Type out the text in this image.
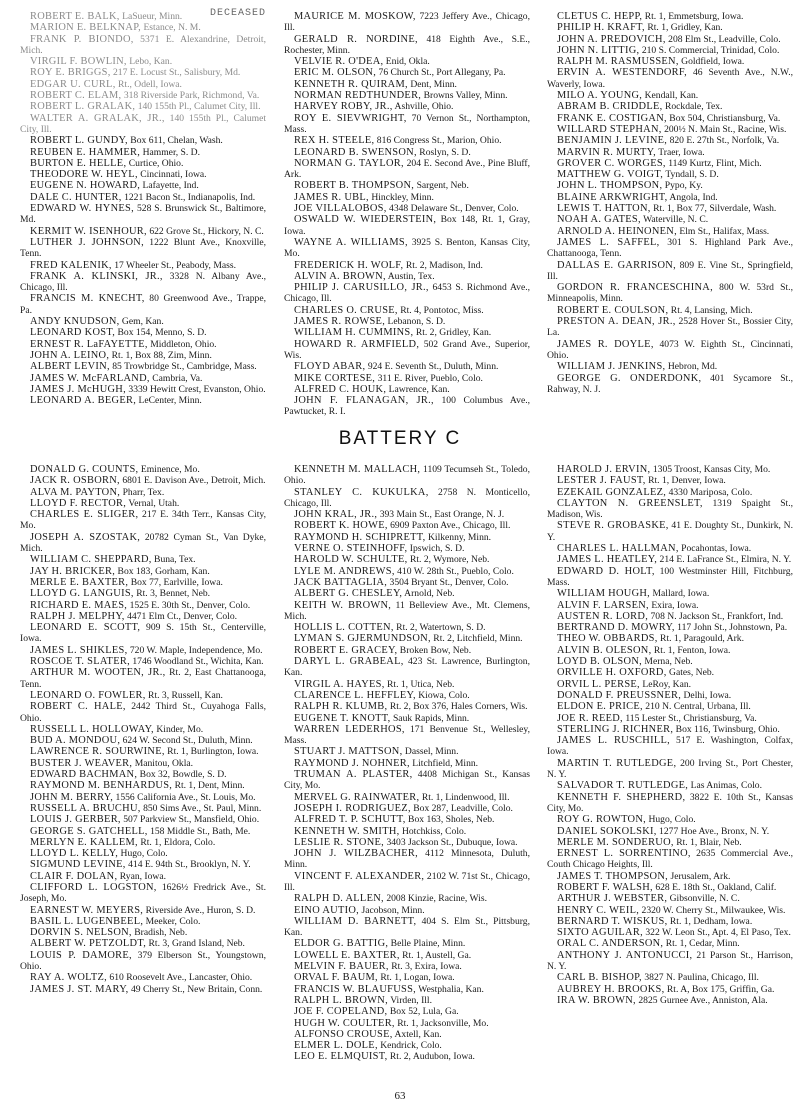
DECEASED

ROBERT E. BALK, LaSueur, Minn.

MARION E. BELKNAP, Estance, N. M.

FRANK P. BIONDO, 5371 E. Alexandrine, Detroit, Mich.

VIRGIL F. BOWLIN, Lebo, Kan.

ROY E. BRIGGS, 217 E. Locust St., Salisbury, Md.

EDGAR U. CURL, Rt., Odell, Iowa.

ROBERT C. ELAM, 318 Riverside Park, Richmond, Va.

ROBERT L. GRALAK, 140 155th Pl., Calumet City, Ill.

WALTER A. GRALAK, JR., 140 155th Pl., Calumet City, Ill.

ROBERT L. GUNDY, Box 611, Chelan, Wash.

REUBEN E. HAMMER, Hammer, S. D.

BURTON E. HELLE, Curtice, Ohio.

THEODORE W. HEYL, Cincinnati, Iowa.

EUGENE N. HOWARD, Lafayette, Ind.

DALE C. HUNTER, 1221 Bacon St., Indianapolis, Ind.

EDWARD W. HYNES, 528 S. Brunswick St., Baltimore, Md.

KERMIT W. ISENHOUR, 622 Grove St., Hickory, N. C.

LUTHER J. JOHNSON, 1222 Blunt Ave., Knoxville, Tenn.

FRED KALENIK, 17 Wheeler St., Peabody, Mass.

FRANK A. KLINSKI, JR., 3328 N. Albany Ave., Chicago, Ill.

FRANCIS M. KNECHT, 80 Greenwood Ave., Trappe, Pa.

ANDY KNUDSON, Gem, Kan.

LEONARD KOST, Box 154, Menno, S. D.

ERNEST R. LaFAYETTE, Middleton, Ohio.

JOHN A. LEINO, Rt. 1, Box 88, Zim, Minn.

ALBERT LEVIN, 85 Trowbridge St., Cambridge, Mass.

JAMES W. McFARLAND, Cambria, Va.

JAMES J. McHUGH, 3339 Hewitt Crest, Evanston, Ohio.

LEONARD A. BEGER, LeCenter, Minn.

MAURICE M. MOSKOW, 7223 Jeffery Ave., Chicago, Ill.

GERALD R. NORDINE, 418 Eighth Ave., S.E., Rochester, Minn.

VELVIE R. O'DEA, Enid, Okla.

ERIC M. OLSON, 76 Church St., Port Allegany, Pa.

KENNETH R. QUIRAM, Dent, Minn.

NORMAN REDTHUNDER, Browns Valley, Minn.

HARVEY ROBY, JR., Ashville, Ohio.

ROY E. SIEVWRIGHT, 70 Vernon St., Northampton, Mass.

REX H. STEELE, 816 Congress St., Marion, Ohio.

LEONARD B. SWENSON, Roslyn, S. D.

NORMAN G. TAYLOR, 204 E. Second Ave., Pine Bluff, Ark.

ROBERT B. THOMPSON, Sargent, Neb.

JAMES R. UBL, Hinckley, Minn.

JOE VILLALOBOS, 4348 Delaware St., Denver, Colo.

OSWALD W. WIEDERSTEIN, Box 148, Rt. 1, Gray, Iowa.

WAYNE A. WILLIAMS, 3925 S. Benton, Kansas City, Mo.

FREDERICK H. WOLF, Rt. 2, Madison, Ind.

ALVIN A. BROWN, Austin, Tex.

PHILIP J. CARUSILLO, JR., 6453 S. Richmond Ave., Chicago, Ill.

CHARLES O. CRUSE, Rt. 4, Pontotoc, Miss.

JAMES R. ROWSE, Lebanon, S. D.

WILLIAM H. CUMMINS, Rt. 2, Gridley, Kan.

HOWARD R. ARMFIELD, 502 Grand Ave., Superior, Wis.

FLOYD ABAR, 924 E. Seventh St., Duluth, Minn.

MIKE CORTESE, 311 E. River, Pueblo, Colo.

ALFRED C. HOUK, Lawrence, Kan.

JOHN F. FLANAGAN, JR., 100 Columbus Ave., Pawtucket, R. I.

CLETUS C. HEPP, Rt. 1, Emmetsburg, Iowa.

PHILIP H. KRAFT, Rt. 1, Gridley, Kan.

JOHN A. PREDOVICH, 208 Elm St., Leadville, Colo.

JOHN N. LITTIG, 210 S. Commercial, Trinidad, Colo.

RALPH M. RASMUSSEN, Goldfield, Iowa.

ERVIN A. WESTENDORF, 46 Seventh Ave., N.W., Waverly, Iowa.

MILO A. YOUNG, Kendall, Kan.

ABRAM B. CRIDDLE, Rockdale, Tex.

FRANK E. COSTIGAN, Box 504, Christiansburg, Va.

WILLARD STEPHAN, 200½ N. Main St., Racine, Wis.

BENJAMIN J. LEVINE, 820 E. 27th St., Norfolk, Va.

MARVIN R. MURTY, Traer, Iowa.

GROVER C. WORGES, 1149 Kurtz, Flint, Mich.

MATTHEW G. VOIGT, Tyndall, S. D.

JOHN L. THOMPSON, Pypo, Ky.

BLAINE ARKWRIGHT, Angola, Ind.

LEWIS T. HATTON, Rt. 1, Box 77, Silverdale, Wash.

NOAH A. GATES, Waterville, N. C.

ARNOLD A. HEINONEN, Elm St., Halifax, Mass.

JAMES L. SAFFEL, 301 S. Highland Park Ave., Chattanooga, Tenn.

DALLAS E. GARRISON, 809 E. Vine St., Springfield, Ill.

GORDON R. FRANCESCHINA, 800 W. 53rd St., Minneapolis, Minn.

ROBERT E. COULSON, Rt. 4, Lansing, Mich.

PRESTON A. DEAN, JR., 2528 Hover St., Bossier City, La.

JAMES R. DOYLE, 4073 W. Eighth St., Cincinnati, Ohio.

WILLIAM J. JENKINS, Hebron, Md.

GEORGE G. ONDERDONK, 401 Sycamore St., Rahway, N. J.

BATTERY C

DONALD G. COUNTS, Eminence, Mo.

JACK R. OSBORN, 6801 E. Davison Ave., Detroit, Mich.

ALVA M. PAYTON, Pharr, Tex.

LLOYD F. RECTOR, Vernal, Utah.

CHARLES E. SLIGER, 217 E. 34th Terr., Kansas City, Mo.

JOSEPH A. SZOSTAK, 20782 Cyman St., Van Dyke, Mich.

WILLIAM C. SHEPPARD, Buna, Tex.

JAY H. BRICKER, Box 183, Gorham, Kan.

MERLE E. BAXTER, Box 77, Earlville, Iowa.

LLOYD G. LANGUIS, Rt. 3, Bennet, Neb.

RICHARD E. MAES, 1525 E. 30th St., Denver, Colo.

RALPH J. MELPHY, 4471 Elm Ct., Denver, Colo.

LEONARD E. SCOTT, 909 S. 15th St., Centerville, Iowa.

JAMES L. SHIKLES, 720 W. Maple, Independence, Mo.

ROSCOE T. SLATER, 1746 Woodland St., Wichita, Kan.

ARTHUR M. WOOTEN, JR., Rt. 2, East Chattanooga, Tenn.

LEONARD O. FOWLER, Rt. 3, Russell, Kan.

ROBERT C. HALE, 2442 Third St., Cuyahoga Falls, Ohio.

RUSSELL L. HOLLOWAY, Kinder, Mo.

BUD A. MONDOU, 624 W. Second St., Duluth, Minn.

LAWRENCE R. SOURWINE, Rt. 1, Burlington, Iowa.

BUSTER J. WEAVER, Manitou, Okla.

EDWARD BACHMAN, Box 32, Bowdle, S. D.

RAYMOND M. BENHARDUS, Rt. 1, Dent, Minn.

JOHN M. BERRY, 1556 California Ave., St. Louis, Mo.

RUSSELL A. BRUCHU, 850 Sims Ave., St. Paul, Minn.

LOUIS J. GERBER, 507 Parkview St., Mansfield, Ohio.

GEORGE S. GATCHELL, 158 Middle St., Bath, Me.

MERLYN E. KALLEM, Rt. 1, Eldora, Colo.

LLOYD L. KELLY, Hugo, Colo.

SIGMUND LEVINE, 414 E. 94th St., Brooklyn, N. Y.

CLAIR F. DOLAN, Ryan, Iowa.

CLIFFORD L. LOGSTON, 1626½ Fredrick Ave., St. Joseph, Mo.

EARNEST W. MEYERS, Riverside Ave., Huron, S. D.

BASIL L. LUGENBEEL, Meeker, Colo.

DORVIN S. NELSON, Bradish, Neb.

ALBERT W. PETZOLDT, Rt. 3, Grand Island, Neb.

LOUIS P. DAMORE, 379 Elberson St., Youngstown, Ohio.

RAY A. WOLTZ, 610 Roosevelt Ave., Lancaster, Ohio.

JAMES J. ST. MARY, 49 Cherry St., New Britain, Conn.

KENNETH M. MALLACH, 1109 Tecumseh St., Toledo, Ohio.

STANLEY C. KUKULKA, 2758 N. Monticello, Chicago, Ill.

JOHN KRAL, JR., 393 Main St., East Orange, N. J.

ROBERT K. HOWE, 6909 Paxton Ave., Chicago, Ill.

RAYMOND H. SCHIPRETT, Kilkenny, Minn.

VERNE O. STEINHOFF, Ipswich, S. D.

HAROLD W. SCHULTE, Rt. 2, Wymore, Neb.

LYLE M. ANDREWS, 410 W. 28th St., Pueblo, Colo.

JACK BATTAGLIA, 3504 Bryant St., Denver, Colo.

ALBERT G. CHESLEY, Arnold, Neb.

KEITH W. BROWN, 11 Belleview Ave., Mt. Clemens, Mich.

HOLLIS L. COTTEN, Rt. 2, Watertown, S. D.

LYMAN S. GJERMUNDSON, Rt. 2, Litchfield, Minn.

ROBERT E. GRACEY, Broken Bow, Neb.

DARYL L. GRABEAL, 423 St. Lawrence, Burlington, Kan.

VIRGIL A. HAYES, Rt. 1, Utica, Neb.

CLARENCE L. HEFFLEY, Kiowa, Colo.

RALPH R. KLUMB, Rt. 2, Box 376, Hales Corners, Wis.

EUGENE T. KNOTT, Sauk Rapids, Minn.

WARREN LEDERHOS, 171 Benvenue St., Wellesley, Mass.

STUART J. MATTSON, Dassel, Minn.

RAYMOND J. NOHNER, Litchfield, Minn.

TRUMAN A. PLASTER, 4408 Michigan St., Kansas City, Mo.

MERVEL G. RAINWATER, Rt. 1, Lindenwood, Ill.

JOSEPH I. RODRIGUEZ, Box 287, Leadville, Colo.

ALFRED T. P. SCHUTT, Box 163, Sholes, Neb.

KENNETH W. SMITH, Hotchkiss, Colo.

LESLIE R. STONE, 3403 Jackson St., Dubuque, Iowa.

JOHN J. WILZBACHER, 4112 Minnesota, Duluth, Minn.

VINCENT F. ALEXANDER, 2102 W. 71st St., Chicago, Ill.

RALPH D. ALLEN, 2008 Kinzie, Racine, Wis.

EINO AUTIO, Jacobson, Minn.

WILLIAM D. BARNETT, 404 S. Elm St., Pittsburg, Kan.

ELDOR G. BATTIG, Belle Plaine, Minn.

LOWELL E. BAXTER, Rt. 1, Austell, Ga.

MELVIN F. BAUER, Rt. 3, Exira, Iowa.

ORVAL F. BAUM, Rt. 1, Logan, Iowa.

FRANCIS W. BLAUFUSS, Westphalia, Kan.

RALPH L. BROWN, Virden, Ill.

JOE F. COPELAND, Box 52, Lula, Ga.

HUGH W. COULTER, Rt. 1, Jacksonville, Mo.

ALFONSO CROUSE, Axtell, Kan.

ELMER L. DOLE, Kendrick, Colo.

LEO E. ELMQUIST, Rt. 2, Audubon, Iowa.

HAROLD J. ERVIN, 1305 Troost, Kansas City, Mo.

LESTER J. FAUST, Rt. 1, Denver, Iowa.

EZEKAIL GONZALEZ, 4330 Mariposa, Colo.

CLAYTON N. GREENSLET, 1319 Spaight St., Madison, Wis.

STEVE R. GROBASKE, 41 E. Doughty St., Dunkirk, N. Y.

CHARLES L. HALLMAN, Pocahontas, Iowa.

JAMES L. HEATLEY, 214 E. LaFrance St., Elmira, N. Y.

EDWARD D. HOLT, 100 Westminster Hill, Fitchburg, Mass.

WILLIAM HOUGH, Mallard, Iowa.

ALVIN F. LARSEN, Exira, Iowa.

AUSTEN R. LORD, 708 N. Jackson St., Frankfort, Ind.

BERTRAND D. MOWRY, 117 John St., Johnstown, Pa.

THEO W. OBBARDS, Rt. 1, Paragould, Ark.

ALVIN B. OLESON, Rt. 1, Fenton, Iowa.

LOYD B. OLSON, Merna, Neb.

ORVILLE H. OXFORD, Gates, Neb.

ORVIL L. PERSE, LeRoy, Kan.

DONALD F. PREUSSNER, Delhi, Iowa.

ELDON E. PRICE, 210 N. Central, Urbana, Ill.

JOE R. REED, 115 Lester St., Christiansburg, Va.

STERLING J. RICHNER, Box 116, Twinsburg, Ohio.

JAMES L. RUSCHILL, 517 E. Washington, Colfax, Iowa.

MARTIN T. RUTLEDGE, 200 Irving St., Port Chester, N. Y.

SALVADOR T. RUTLEDGE, Las Animas, Colo.

KENNETH F. SHEPHERD, 3822 E. 10th St., Kansas City, Mo.

ROY G. ROWTON, Hugo, Colo.

DANIEL SOKOLSKI, 1277 Hoe Ave., Bronx, N. Y.

MERLE M. SONDERUO, Rt. 1, Blair, Neb.

ERNEST L. SORRENTINO, 2635 Commercial Ave., Couth Chicago Heights, Ill.

JAMES T. THOMPSON, Jerusalem, Ark.

ROBERT F. WALSH, 628 E. 18th St., Oakland, Calif.

ARTHUR J. WEBSTER, Gibsonville, N. C.

HENRY C. WEIL, 2320 W. Cherry St., Milwaukee, Wis.

BERNARD T. WISKUS, Rt. 1, Dedham, Iowa.

SIXTO AGUILAR, 322 W. Leon St., Apt. 4, El Paso, Tex.

ORAL C. ANDERSON, Rt. 1, Cedar, Minn.

ANTHONY J. ANTONUCCI, 21 Parson St., Harrison, N. Y.

CARL B. BISHOP, 3827 N. Paulina, Chicago, Ill.

AUBREY H. BROOKS, Rt. A, Box 175, Griffin, Ga.

IRA W. BROWN, 2825 Gurnee Ave., Anniston, Ala.

63
